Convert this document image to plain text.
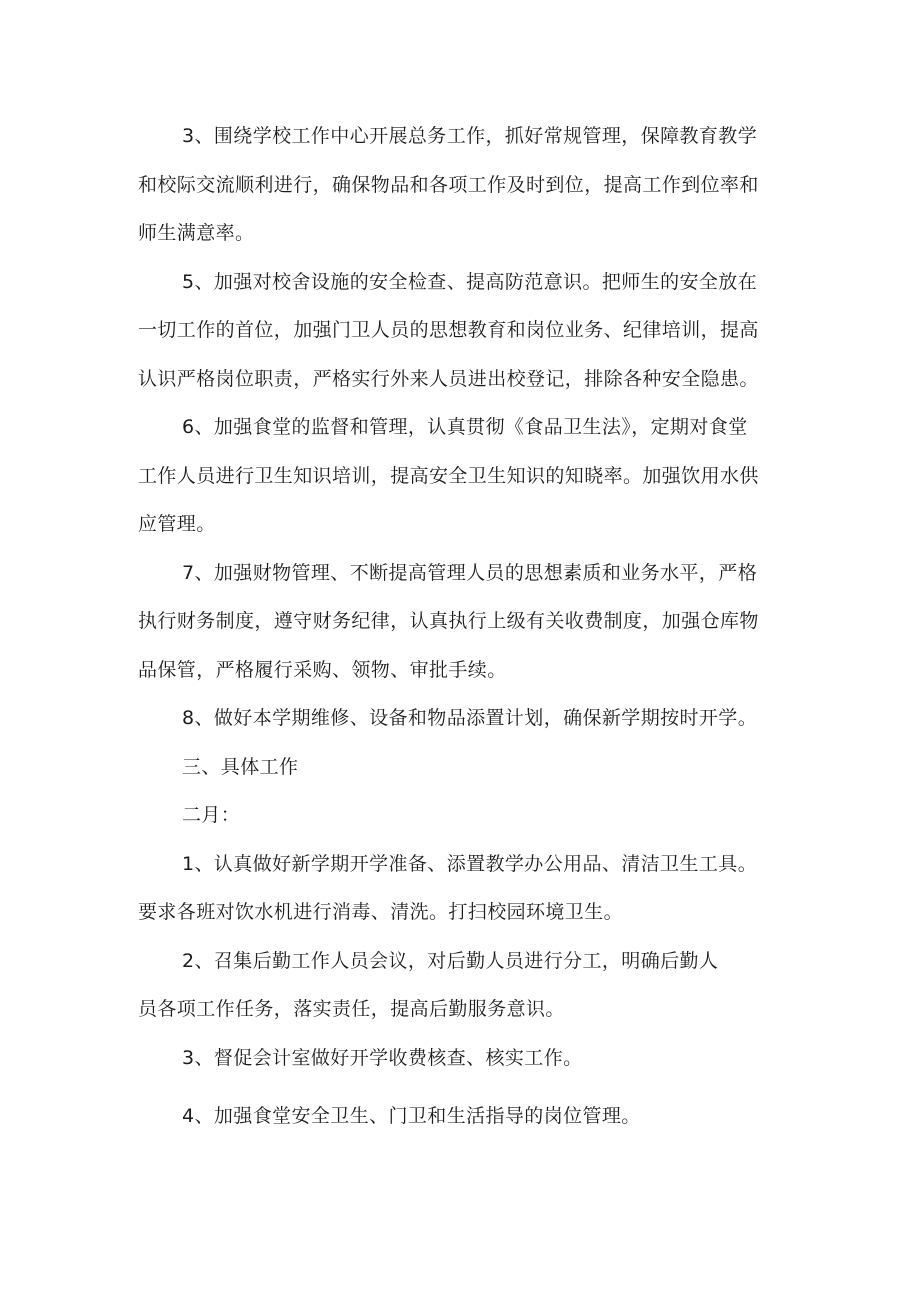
3、围绕学校工作中心开展总务工作，抓好常规管理，保障教育教学
和校际交流顺利进行，确保物品和各项工作及时到位，提高工作到位率和
师生满意率。

5、加强对校舍设施的安全检查、提高防范意识。把师生的安全放在
一切工作的首位，加强门卫人员的思想教育和岗位业务、纪律培训，提高
认识严格岗位职责，严格实行外来人员进出校登记，排除各种安全隐患。

6、加强食堂的监督和管理，认真贯彻《食品卫生法》，定期对食堂
工作人员进行卫生知识培训，提高安全卫生知识的知晓率。加强饮用水供
应管理。

7、加强财物管理、不断提高管理人员的思想素质和业务水平，严格
执行财务制度，遵守财务纪律，认真执行上级有关收费制度，加强仓库物
品保管，严格履行采购、领物、审批手续。

8、做好本学期维修、设备和物品添置计划，确保新学期按时开学。

三、具体工作

二月：

1、认真做好新学期开学准备、添置教学办公用品、清洁卫生工具。
要求各班对饮水机进行消毒、清洗。打扫校园环境卫生。

2、召集后勤工作人员会议，对后勤人员进行分工，明确后勤人
员各项工作任务，落实责任，提高后勤服务意识。

3、督促会计室做好开学收费核查、核实工作。

4、加强食堂安全卫生、门卫和生活指导的岗位管理。
